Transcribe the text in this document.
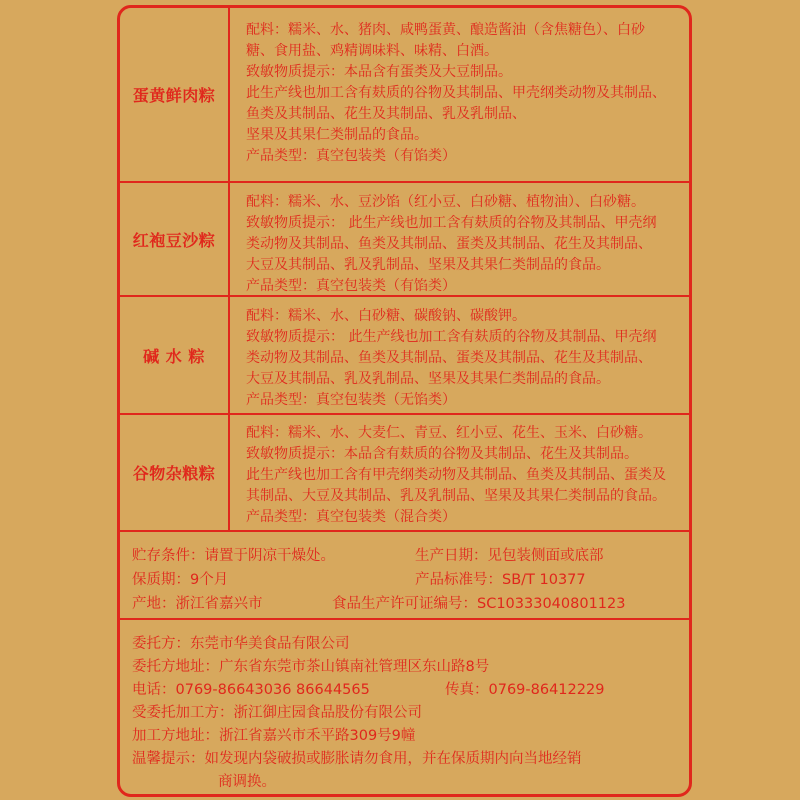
蛋黄鲜肉粽
配料：糯米、水、猪肉、咸鸭蛋黄、酿造酱油（含焦糖色）、白砂
糖、食用盐、鸡精调味料、味精、白酒。
致敏物质提示：本品含有蛋类及大豆制品。
此生产线也加工含有麸质的谷物及其制品、甲壳纲类动物及其制品、
鱼类及其制品、花生及其制品、乳及乳制品、
坚果及其果仁类制品的食品。
产品类型：真空包装类（有馅类）
红袍豆沙粽
配料：糯米、水、豆沙馅（红小豆、白砂糖、植物油）、白砂糖。
致敏物质提示： 此生产线也加工含有麸质的谷物及其制品、甲壳纲
类动物及其制品、鱼类及其制品、蛋类及其制品、花生及其制品、
大豆及其制品、乳及乳制品、坚果及其果仁类制品的食品。
产品类型：真空包装类（有馅类）
碱 水 粽
配料：糯米、水、白砂糖、碳酸钠、碳酸钾。
致敏物质提示： 此生产线也加工含有麸质的谷物及其制品、甲壳纲
类动物及其制品、鱼类及其制品、蛋类及其制品、花生及其制品、
大豆及其制品、乳及乳制品、坚果及其果仁类制品的食品。
产品类型：真空包装类（无馅类）
谷物杂粮粽
配料：糯米、水、大麦仁、青豆、红小豆、花生、玉米、白砂糖。
致敏物质提示：本品含有麸质的谷物及其制品、花生及其制品。
此生产线也加工含有甲壳纲类动物及其制品、鱼类及其制品、蛋类及
其制品、大豆及其制品、乳及乳制品、坚果及其果仁类制品的食品。
产品类型：真空包装类（混合类）
贮存条件：请置于阴凉干燥处。	生产日期：见包装侧面或底部
保质期：9个月	产品标准号：SB/T 10377
产地：浙江省嘉兴市	食品生产许可证编号：SC10333040801123
委托方：东莞市华美食品有限公司
委托方地址：广东省东莞市茶山镇南社管理区东山路8号
电话：0769-86643036 86644565	传真：0769-86412229
受委托加工方：浙江御庄园食品股份有限公司
加工方地址：浙江省嘉兴市禾平路309号9幢
温馨提示：如发现内袋破损或膨胀请勿食用，并在保质期内向当地经销
商调换。
